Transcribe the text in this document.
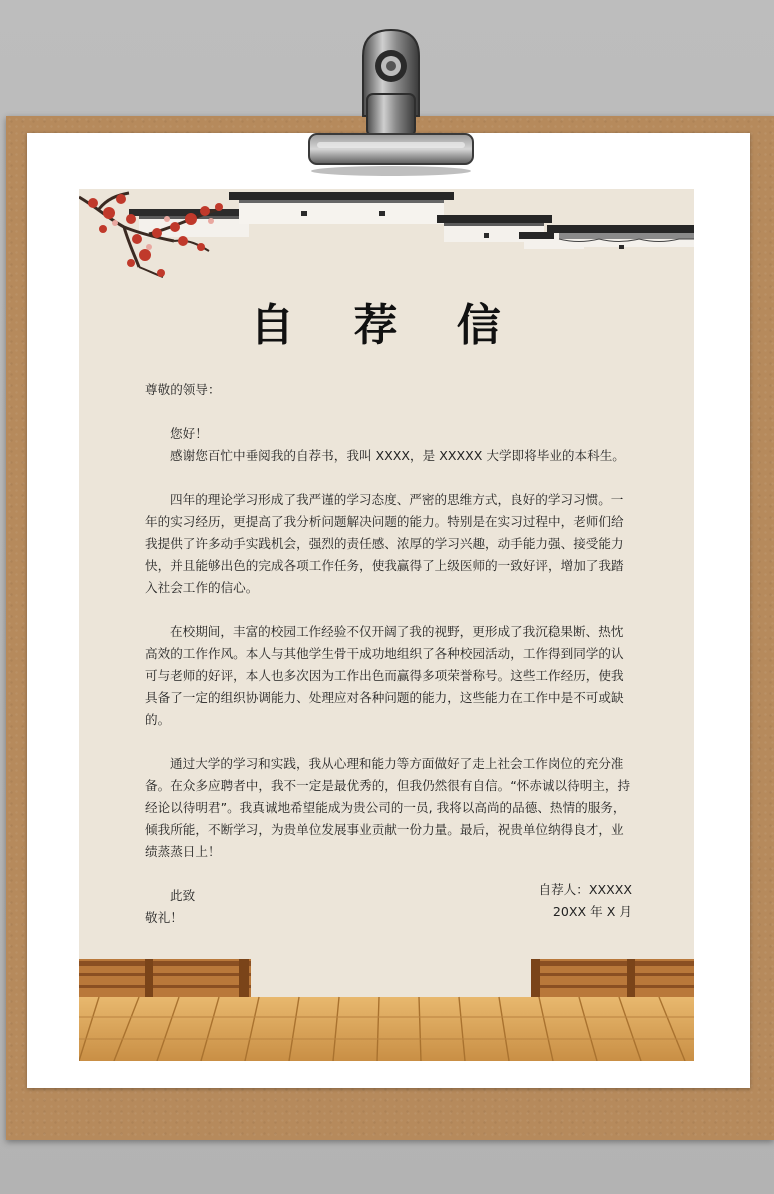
自 荐 信

尊敬的领导：

您好！

感谢您百忙中垂阅我的自荐书，我叫 XXXX，是 XXXXX 大学即将毕业的本科生。

四年的理论学习形成了我严谨的学习态度、严密的思维方式，良好的学习习惯。一年的实习经历，更提高了我分析问题解决问题的能力。特别是在实习过程中，老师们给我提供了许多动手实践机会，强烈的责任感、浓厚的学习兴趣，动手能力强、接受能力快，并且能够出色的完成各项工作任务，使我赢得了上级医师的一致好评，增加了我踏入社会工作的信心。

在校期间，丰富的校园工作经验不仅开阔了我的视野，更形成了我沉稳果断、热忱高效的工作作风。本人与其他学生骨干成功地组织了各种校园活动，工作得到同学的认可与老师的好评，本人也多次因为工作出色而赢得多项荣誉称号。这些工作经历，使我具备了一定的组织协调能力、处理应对各种问题的能力，这些能力在工作中是不可或缺的。

通过大学的学习和实践，我从心理和能力等方面做好了走上社会工作岗位的充分准备。在众多应聘者中，我不一定是最优秀的，但我仍然很有自信。“怀赤诚以待明主，持经论以待明君”。我真诚地希望能成为贵公司的一员, 我将以高尚的品德、热情的服务，倾我所能，不断学习，为贵单位发展事业贡献一份力量。最后，祝贵单位纳得良才，业绩蒸蒸日上！

此致

敬礼！

自荐人：XXXXX
20XX 年 X 月
